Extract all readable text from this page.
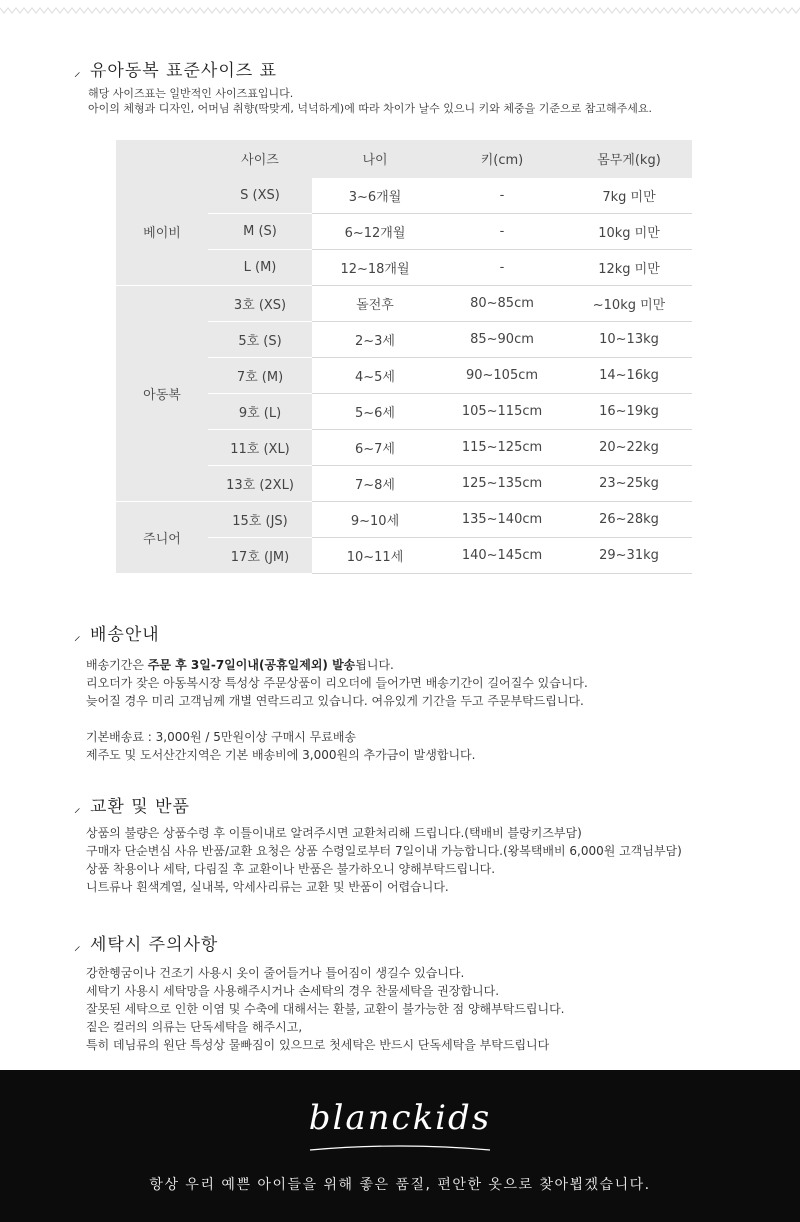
⸝ 유아동복 표준사이즈 표

해당 사이즈표는 일반적인 사이즈표입니다.

아이의 체형과 디자인, 어머님 취향(딱맞게, 넉넉하게)에 따라 차이가 날수 있으니 키와 체중을 기준으로 참고해주세요.

	사이즈	나이	키(cm)	몸무게(kg)
베이비	S (XS)	3~6개월	-	7kg 미만
	M (S)	6~12개월	-	10kg 미만
	L (M)	12~18개월	-	12kg 미만
아동복	3호 (XS)	돌전후	80~85cm	~10kg 미만
	5호 (S)	2~3세	85~90cm	10~13kg
	7호 (M)	4~5세	90~105cm	14~16kg
	9호 (L)	5~6세	105~115cm	16~19kg
	11호 (XL)	6~7세	115~125cm	20~22kg
	13호 (2XL)	7~8세	125~135cm	23~25kg
주니어	15호 (JS)	9~10세	135~140cm	26~28kg
	17호 (JM)	10~11세	140~145cm	29~31kg
⸝ 배송안내

배송기간은 주문 후 3일-7일이내(공휴일제외) 발송됩니다.

리오더가 잦은 아동복시장 특성상 주문상품이 리오더에 들어가면 배송기간이 길어질수 있습니다.

늦어질 경우 미리 고객님께 개별 연락드리고 있습니다. 여유있게 기간을 두고 주문부탁드립니다.

기본배송료 : 3,000원 / 5만원이상 구매시 무료배송

제주도 및 도서산간지역은 기본 배송비에 3,000원의 추가금이 발생합니다.

⸝ 교환 및 반품

상품의 불량은 상품수령 후 이틀이내로 알려주시면 교환처리해 드립니다.(택배비 블랑키즈부담)

구매자 단순변심 사유 반품/교환 요청은 상품 수령일로부터 7일이내 가능합니다.(왕복택배비 6,000원 고객님부담)

상품 착용이나 세탁, 다림질 후 교환이나 반품은 불가하오니 양해부탁드립니다.

니트류나 흰색계열, 실내복, 악세사리류는 교환 및 반품이 어렵습니다.

⸝ 세탁시 주의사항

강한헹굼이나 건조기 사용시 옷이 줄어들거나 틀어짐이 생길수 있습니다.

세탁기 사용시 세탁망을 사용해주시거나 손세탁의 경우 찬물세탁을 권장합니다.

잘못된 세탁으로 인한 이염 및 수축에 대해서는 환불, 교환이 불가능한 점 양해부탁드립니다.

짙은 컬러의 의류는 단독세탁을 해주시고,

특히 데님류의 원단 특성상 물빠짐이 있으므로 첫세탁은 반드시 단독세탁을 부탁드립니다

blanckids
항상 우리 예쁜 아이들을 위해 좋은 품질, 편안한 옷으로 찾아뵙겠습니다.
